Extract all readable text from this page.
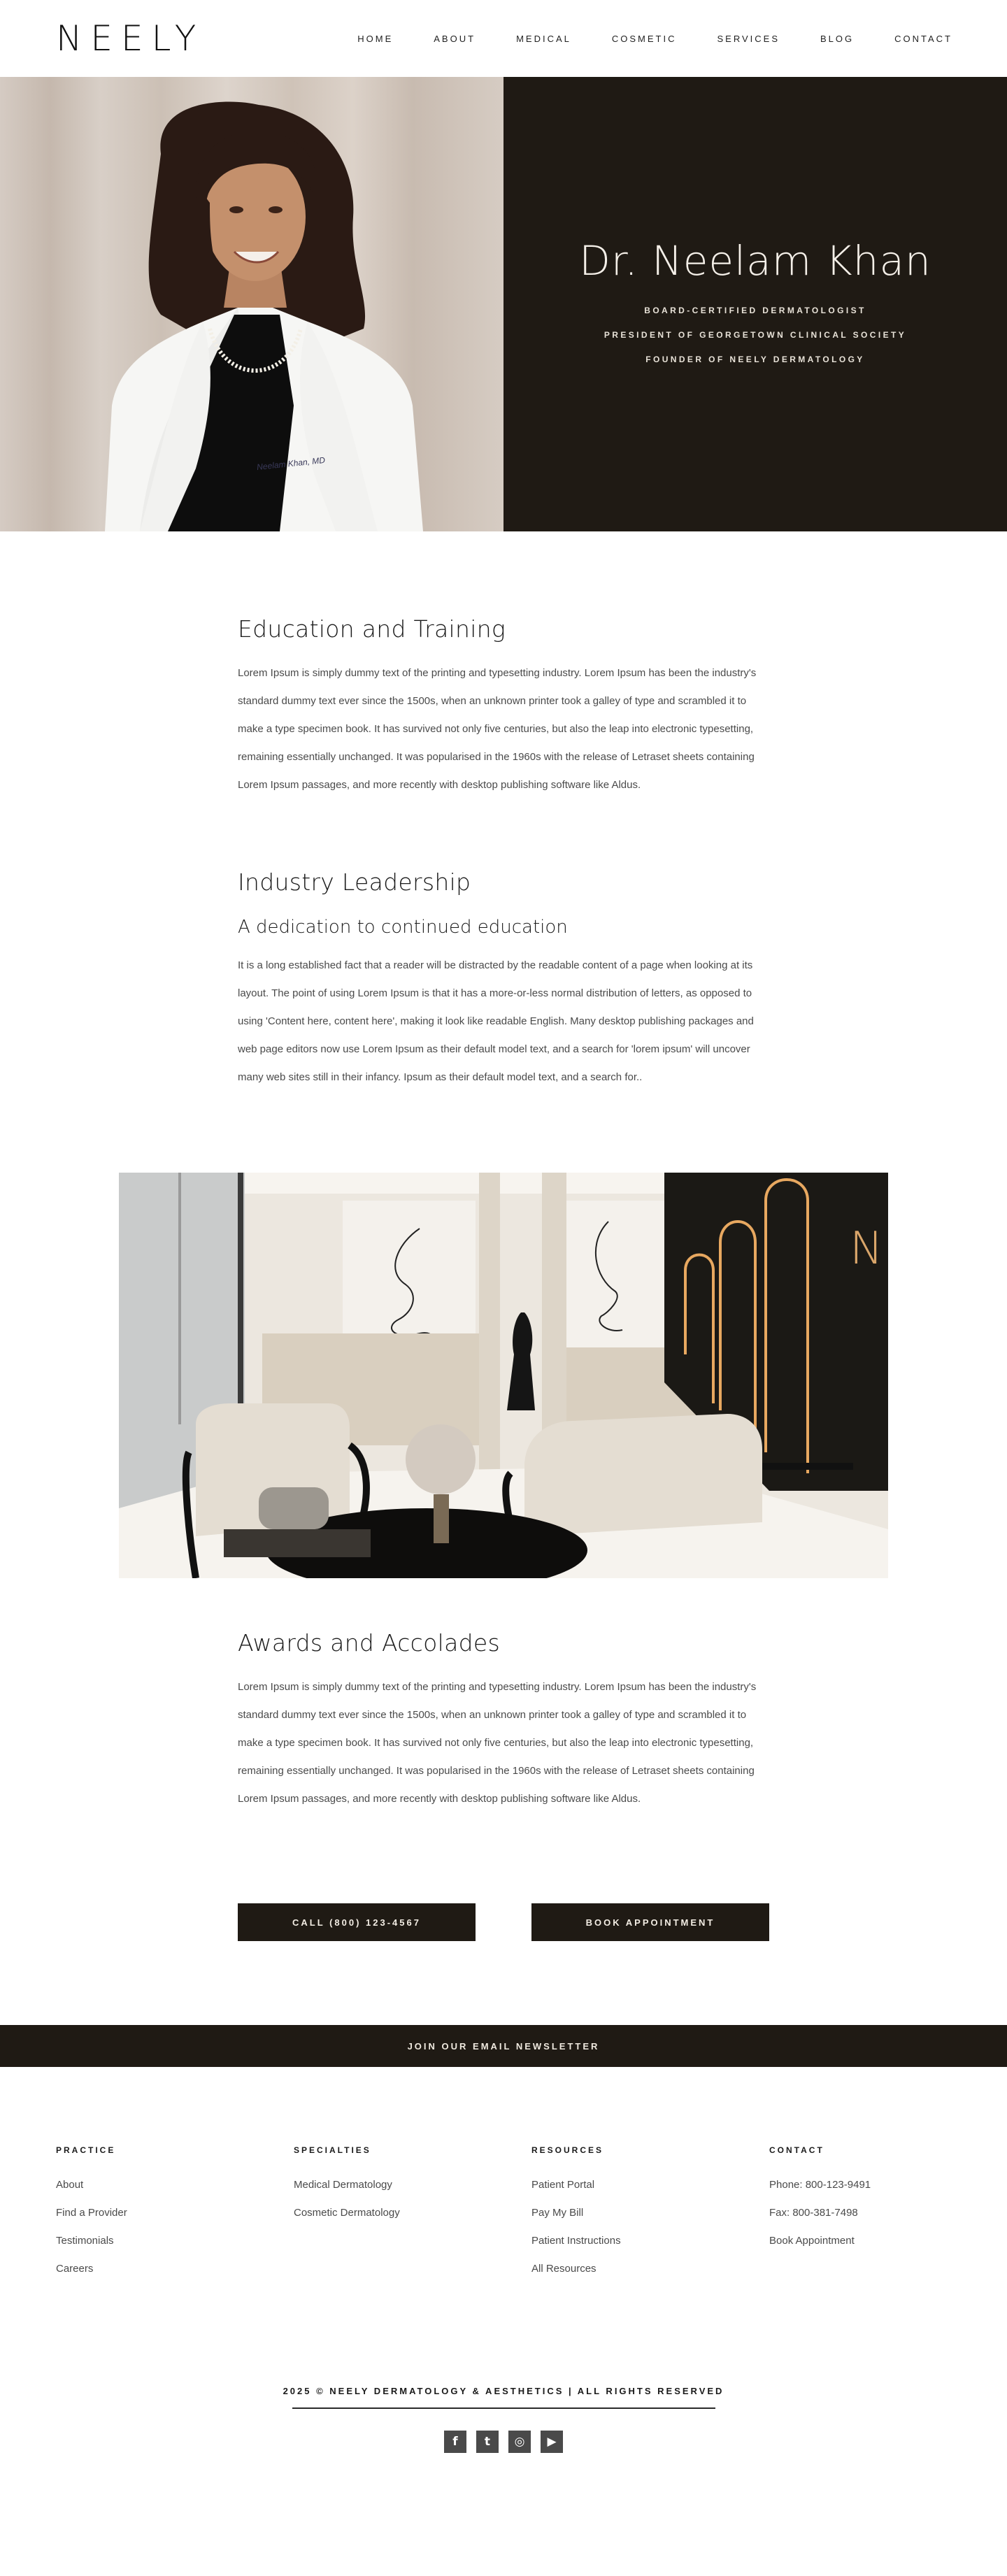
NEELY	HOME	ABOUT	MEDICAL	COSMETIC	SERVICES	BLOG	CONTACT
Neelam Khan, MD
Dr. Neelam Khan
BOARD-CERTIFIED DERMATOLOGIST
PRESIDENT OF GEORGETOWN CLINICAL SOCIETY
FOUNDER OF NEELY DERMATOLOGY
Education and Training

Lorem Ipsum is simply dummy text of the printing and typesetting industry. Lorem Ipsum has been the industry's standard dummy text ever since the 1500s, when an unknown printer took a galley of type and scrambled it to make a type specimen book. It has survived not only five centuries, but also the leap into electronic typesetting, remaining essentially unchanged. It was popularised in the 1960s with the release of Letraset sheets containing Lorem Ipsum passages, and more recently with desktop publishing software like Aldus.

Industry Leadership
A dedication to continued education

It is a long established fact that a reader will be distracted by the readable content of a page when looking at its layout. The point of using Lorem Ipsum is that it has a more-or-less normal distribution of letters, as opposed to using 'Content here, content here', making it look like readable English. Many desktop publishing packages and web page editors now use Lorem Ipsum as their default model text, and a search for 'lorem ipsum' will uncover many web sites still in their infancy. Ipsum as their default model text, and a search for..

N
Awards and Accolades

Lorem Ipsum is simply dummy text of the printing and typesetting industry. Lorem Ipsum has been the industry's standard dummy text ever since the 1500s, when an unknown printer took a galley of type and scrambled it to make a type specimen book. It has survived not only five centuries, but also the leap into electronic typesetting, remaining essentially unchanged. It was popularised in the 1960s with the release of Letraset sheets containing Lorem Ipsum passages, and more recently with desktop publishing software like Aldus.

CALL (800) 123-4567	BOOK APPOINTMENT
JOIN OUR EMAIL NEWSLETTER
PRACTICE
About
Find a Provider
Testimonials
Careers
SPECIALTIES
Medical Dermatology
Cosmetic Dermatology
RESOURCES
Patient Portal
Pay My Bill
Patient Instructions
All Resources
CONTACT
Phone: 800-123-9491
Fax: 800-381-7498
Book Appointment
2025 © NEELY DERMATOLOGY & AESTHETICS | ALL RIGHTS RESERVED
f	t	◎	▶
